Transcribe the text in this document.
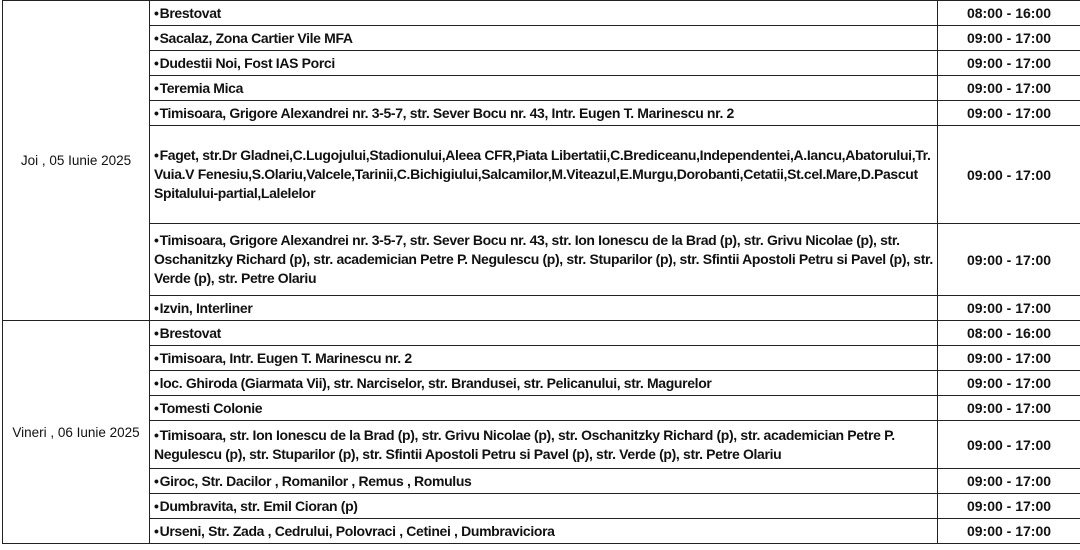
Joi , 05 Iunie 2025	•Brestovat	08:00 - 16:00
	•Sacalaz, Zona Cartier Vile MFA	09:00 - 17:00
	•Dudestii Noi, Fost IAS Porci	09:00 - 17:00
	•Teremia Mica	09:00 - 17:00
	•Timisoara, Grigore Alexandrei nr. 3-5-7, str. Sever Bocu nr. 43, Intr. Eugen T. Marinescu nr. 2	09:00 - 17:00
	•Faget, str.Dr Gladnei,C.Lugojului,Stadionului,Aleea CFR,Piata Libertatii,C.Brediceanu,Independentei,A.Iancu,Abatorului,Tr. Vuia.V Fenesiu,S.Olariu,Valcele,Tarinii,C.Bichigiului,Salcamilor,M.Viteazul,E.Murgu,Dorobanti,Cetatii,St.cel.Mare,D.Pascut Spitalului-partial,Lalelelor	09:00 - 17:00
	•Timisoara, Grigore Alexandrei nr. 3-5-7, str. Sever Bocu nr. 43, str. Ion Ionescu de la Brad (p), str. Grivu Nicolae (p), str. Oschanitzky Richard (p), str. academician Petre P. Negulescu (p), str. Stuparilor (p), str. Sfintii Apostoli Petru si Pavel (p), str. Verde (p), str. Petre Olariu	09:00 - 17:00
	•Izvin, Interliner	09:00 - 17:00
Vineri , 06 Iunie 2025	•Brestovat	08:00 - 16:00
	•Timisoara, Intr. Eugen T. Marinescu nr. 2	09:00 - 17:00
	•loc. Ghiroda (Giarmata Vii), str. Narciselor, str. Brandusei, str. Pelicanului, str. Magurelor	09:00 - 17:00
	•Tomesti Colonie	09:00 - 17:00
	•Timisoara, str. Ion Ionescu de la Brad (p), str. Grivu Nicolae (p), str. Oschanitzky Richard (p), str. academician Petre P. Negulescu (p), str. Stuparilor (p), str. Sfintii Apostoli Petru si Pavel (p), str. Verde (p), str. Petre Olariu	09:00 - 17:00
	•Giroc, Str. Dacilor , Romanilor , Remus , Romulus	09:00 - 17:00
	•Dumbravita, str. Emil Cioran (p)	09:00 - 17:00
	•Urseni, Str. Zada , Cedrului, Polovraci , Cetinei , Dumbraviciora	09:00 - 17:00
